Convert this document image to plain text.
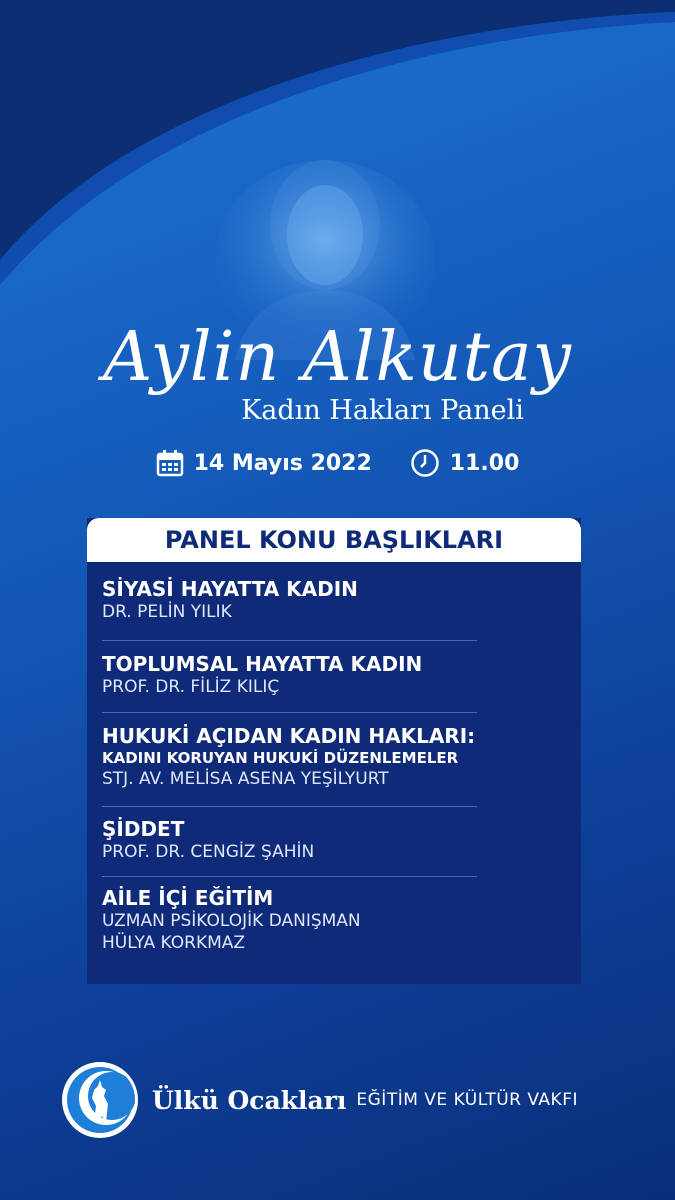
Aylin Alkutay
Kadın Hakları Paneli
14 Mayıs 2022	11.00
PANEL KONU BAŞLIKLARI
SİYASİ HAYATTA KADIN
DR. PELİN YILIK
TOPLUMSAL HAYATTA KADIN
PROF. DR. FİLİZ KILIÇ
HUKUKİ AÇIDAN KADIN HAKLARI:
KADINI KORUYAN HUKUKİ DÜZENLEMELER
STJ. AV. MELİSA ASENA YEŞİLYURT
ŞİDDET
PROF. DR. CENGİZ ŞAHİN
AİLE İÇİ EĞİTİM
UZMAN PSİKOLOJİK DANIŞMAN
HÜLYA KORKMAZ
Ülkü Ocakları EĞİTİM VE KÜLTÜR VAKFI
